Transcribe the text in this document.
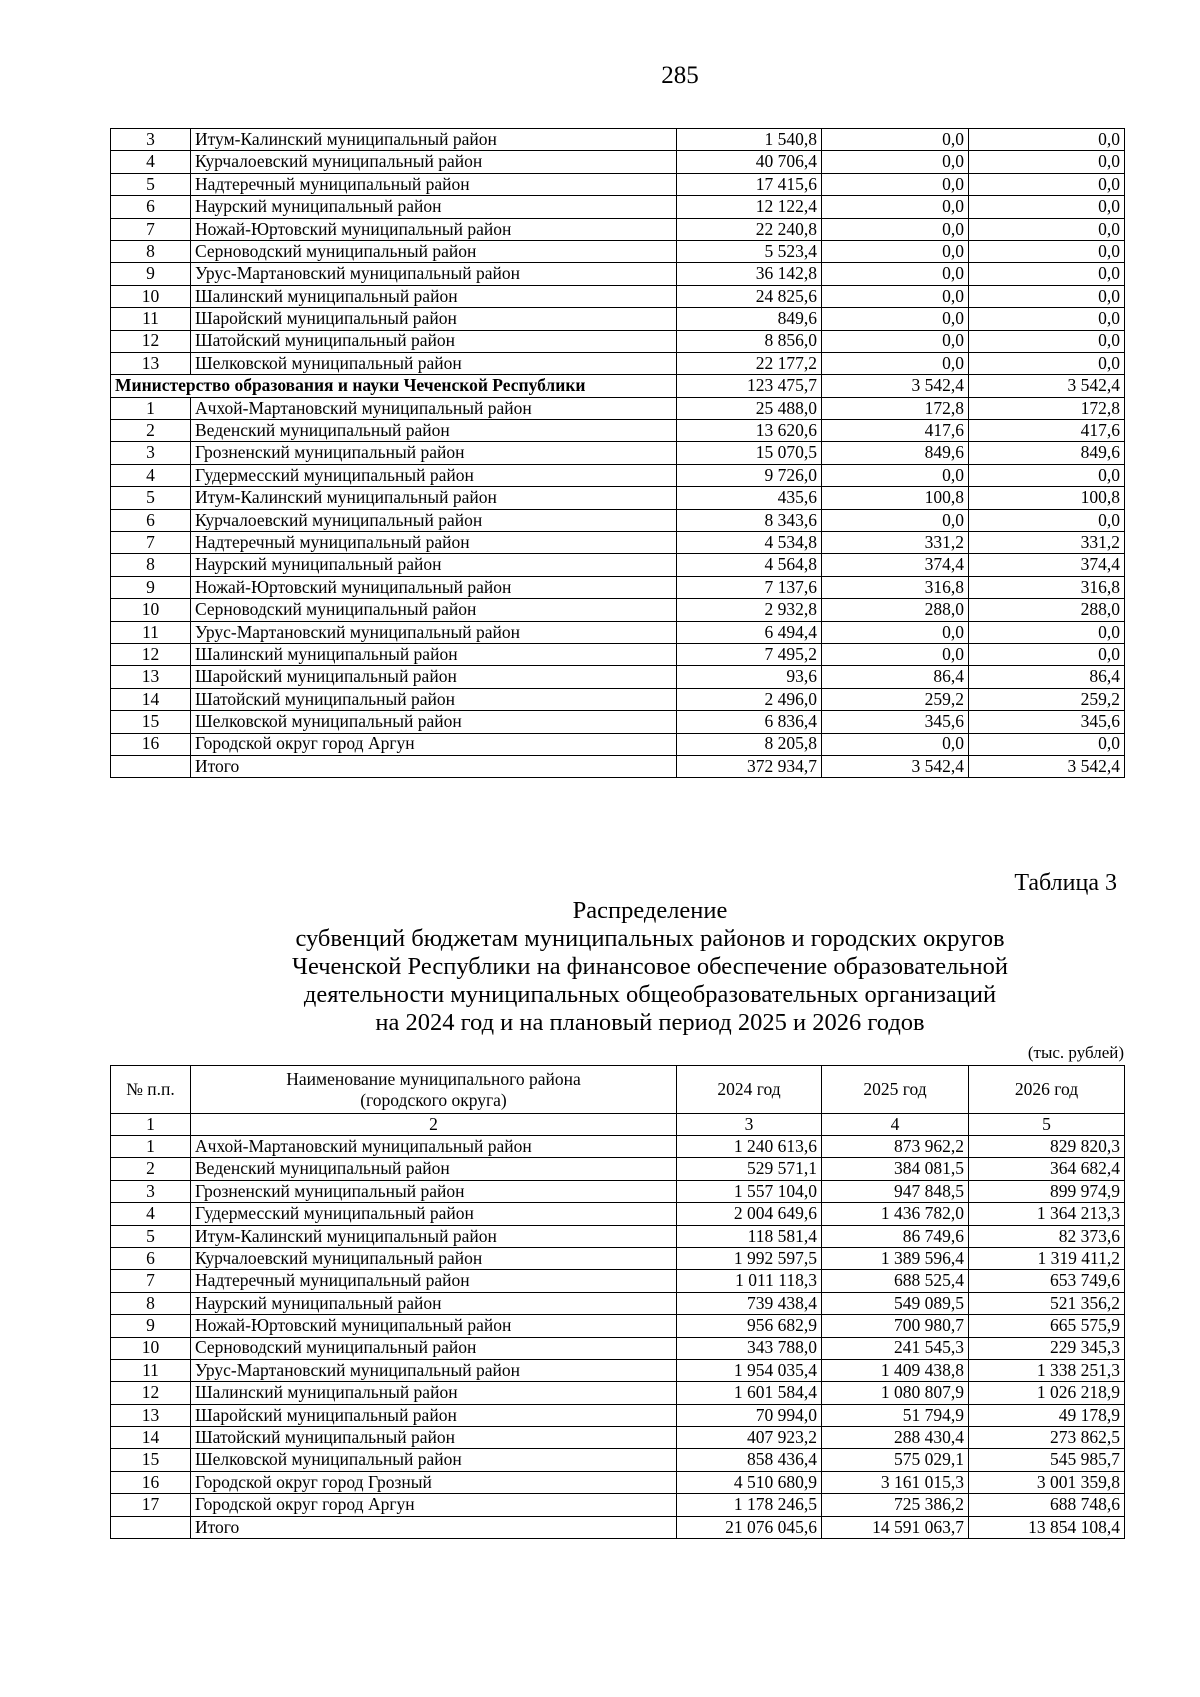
285
3	Итум-Калинский муниципальный район	1 540,8	0,0	0,0
4	Курчалоевский муниципальный район	40 706,4	0,0	0,0
5	Надтеречный муниципальный район	17 415,6	0,0	0,0
6	Наурский муниципальный район	12 122,4	0,0	0,0
7	Ножай-Юртовский муниципальный район	22 240,8	0,0	0,0
8	Серноводский муниципальный район	5 523,4	0,0	0,0
9	Урус-Мартановский муниципальный район	36 142,8	0,0	0,0
10	Шалинский муниципальный район	24 825,6	0,0	0,0
11	Шаройский муниципальный район	849,6	0,0	0,0
12	Шатойский муниципальный район	8 856,0	0,0	0,0
13	Шелковской муниципальный район	22 177,2	0,0	0,0
Министерство образования и науки Чеченской Республики		123 475,7	3 542,4	3 542,4
1	Ачхой-Мартановский муниципальный район	25 488,0	172,8	172,8
2	Веденский муниципальный район	13 620,6	417,6	417,6
3	Грозненский муниципальный район	15 070,5	849,6	849,6
4	Гудермесский муниципальный район	9 726,0	0,0	0,0
5	Итум-Калинский муниципальный район	435,6	100,8	100,8
6	Курчалоевский муниципальный район	8 343,6	0,0	0,0
7	Надтеречный муниципальный район	4 534,8	331,2	331,2
8	Наурский муниципальный район	4 564,8	374,4	374,4
9	Ножай-Юртовский муниципальный район	7 137,6	316,8	316,8
10	Серноводский муниципальный район	2 932,8	288,0	288,0
11	Урус-Мартановский муниципальный район	6 494,4	0,0	0,0
12	Шалинский муниципальный район	7 495,2	0,0	0,0
13	Шаройский муниципальный район	93,6	86,4	86,4
14	Шатойский муниципальный район	2 496,0	259,2	259,2
15	Шелковской муниципальный район	6 836,4	345,6	345,6
16	Городской округ город Аргун	8 205,8	0,0	0,0
	Итого	372 934,7	3 542,4	3 542,4
Таблица 3
Распределение
субвенций бюджетам муниципальных районов и городских округов
Чеченской Республики на финансовое обеспечение образовательной
деятельности муниципальных общеобразовательных организаций
на 2024 год и на плановый период 2025 и 2026 годов
(тыс. рублей)
№ п.п.	Наименование муниципального района (городского округа)	2024 год	2025 год	2026 год
1	2	3	4	5
1	Ачхой-Мартановский муниципальный район	1 240 613,6	873 962,2	829 820,3
2	Веденский муниципальный район	529 571,1	384 081,5	364 682,4
3	Грозненский муниципальный район	1 557 104,0	947 848,5	899 974,9
4	Гудермесский муниципальный район	2 004 649,6	1 436 782,0	1 364 213,3
5	Итум-Калинский муниципальный район	118 581,4	86 749,6	82 373,6
6	Курчалоевский муниципальный район	1 992 597,5	1 389 596,4	1 319 411,2
7	Надтеречный муниципальный район	1 011 118,3	688 525,4	653 749,6
8	Наурский муниципальный район	739 438,4	549 089,5	521 356,2
9	Ножай-Юртовский муниципальный район	956 682,9	700 980,7	665 575,9
10	Серноводский муниципальный район	343 788,0	241 545,3	229 345,3
11	Урус-Мартановский муниципальный район	1 954 035,4	1 409 438,8	1 338 251,3
12	Шалинский муниципальный район	1 601 584,4	1 080 807,9	1 026 218,9
13	Шаройский муниципальный район	70 994,0	51 794,9	49 178,9
14	Шатойский муниципальный район	407 923,2	288 430,4	273 862,5
15	Шелковской муниципальный район	858 436,4	575 029,1	545 985,7
16	Городской округ город Грозный	4 510 680,9	3 161 015,3	3 001 359,8
17	Городской округ город Аргун	1 178 246,5	725 386,2	688 748,6
	Итого	21 076 045,6	14 591 063,7	13 854 108,4
